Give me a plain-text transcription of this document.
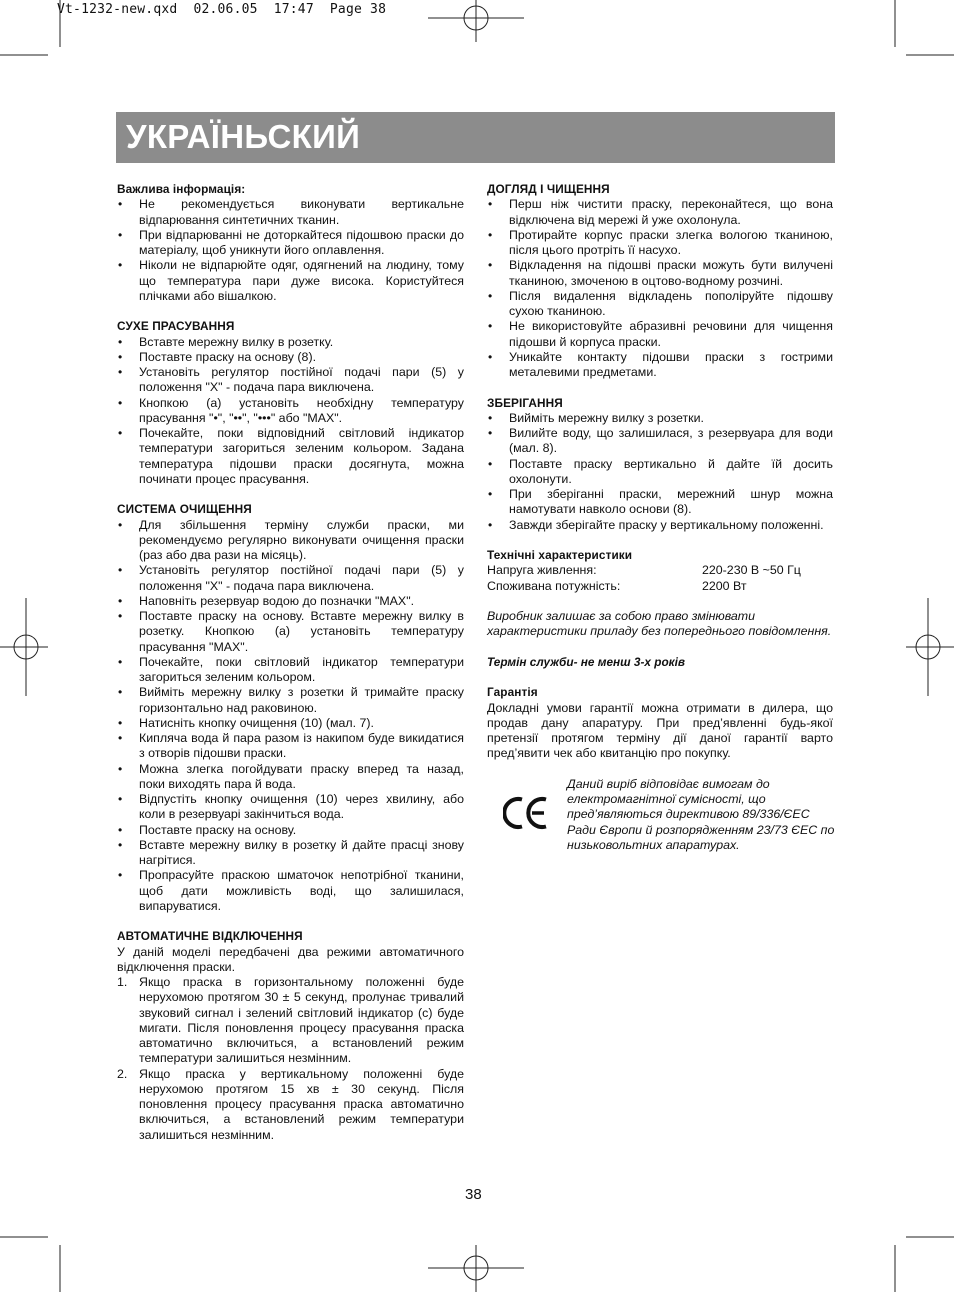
Vt-1232-new.qxd  02.06.05  17:47  Page 38
УКРАЇНЬСКИЙ
Важлива інформація:
• Не рекомендується виконувати вертикальне відпарювання синтетичних тканин.
• При відпарюванні не доторкайтеся підошвою праски до матеріалу, щоб уникнути його оплавлення.
• Ніколи не відпарюйте одяг, одягнений на людину, тому що температура пари дуже висока. Користуйтеся плічками або вішалкою.
СУХЕ ПРАСУВАННЯ
• Вставте мережну вилку в розетку.
• Поставте праску на основу (8).
• Установіть регулятор постійної подачі пари (5) у положення "X" - подача пара виключена.
• Кнопкою (а) установіть необхідну температуру прасування "•", "••", "•••" або "MAX".
• Почекайте, поки відповідний світловий індикатор температури загориться зеленим кольором. Задана температура підошви праски досягнута, можна починати процес прасування.
СИСТЕМА ОЧИЩЕННЯ
• Для збільшення терміну служби праски, ми рекомендуємо регулярно виконувати очищення праски (раз або два рази на місяць).
• Установіть регулятор постійної подачі пари (5) у положення "X" - подача пара виключена.
• Наповніть резервуар водою до позначки "MAX".
• Поставте праску на основу. Вставте мережну вилку в розетку. Кнопкою (а) установіть температуру прасування "MAX".
• Почекайте, поки світловий індикатор температури загориться зеленим кольором.
• Вийміть мережну вилку з розетки й тримайте праску горизонтально над раковиною.
• Натисніть кнопку очищення (10) (мал. 7).
• Кипляча вода й пара разом із накипом буде викидатися з отворів підошви праски.
• Можна злегка погойдувати праску вперед та назад, поки виходять пара й вода.
• Відпустіть кнопку очищення (10) через хвилину, або коли в резервуарі закінчиться вода.
• Поставте праску на основу.
• Вставте мережну вилку в розетку й дайте прасці знову нагрітися.
• Пропрасуйте праскою шматочок непотрібної тканини, щоб дати можливість воді, що залишилася, випаруватися.
АВТОМАТИЧНЕ ВІДКЛЮЧЕННЯ
У даній моделі передбачені два режими автоматичного відключення праски.
1. Якщо праска в горизонтальному положенні буде нерухомою протягом 30 ± 5 секунд, пролунає тривалий звуковий сигнал і зелений світловий індикатор (с) буде мигати. Після поновлення процесу прасування праска автоматично включиться, а встановлений режим температури залишиться незмінним.
2. Якщо праска у вертикальному положенні буде нерухомою протягом 15 хв ± 30 секунд. Після поновлення процесу прасування праска автоматично включиться, а встановлений режим температури залишиться незмінним.
ДОГЛЯД І ЧИЩЕННЯ
• Перш ніж чистити праску, переконайтеся, що вона відключена від мережі й уже охолонула.
• Протирайте корпус праски злегка вологою тканиною, після цього протріть її насухо.
• Відкладення на підошві праски можуть бути вилучені тканиною, змоченою в оцтово-водному розчині.
• Після видалення відкладень пополіруйте підошву сухою тканиною.
• Не використовуйте абразивні речовини для чищення підошви й корпуса праски.
• Уникайте контакту підошви праски з гострими металевими предметами.
ЗБЕРІГАННЯ
• Вийміть мережну вилку з розетки.
• Вилийте воду, що залишилася, з резервуара для води (мал. 8).
• Поставте праску вертикально й дайте їй досить охолонути.
• При зберіганні праски, мережний шнур можна намотувати навколо основи (8).
• Завжди зберігайте праску у вертикальному положенні.
Технічні характеристики
Напруга живлення:	220-230 В ~50 Гц
Споживана потужність:	2200 Вт
Виробник залишає за собою право змінювати характеристики приладу без попереднього повідомлення.
Термін служби- не менш 3-х років
Гарантія
Докладні умови гарантії можна отримати в дилера, що продав дану апаратуру. При пред’явленні будь-якої претензії протягом терміну дії даної гарантії варто пред’явити чек або квитанцію про покупку.
Даний виріб відповідає вимогам до електромагнітної сумісності, що пред’являються директивою 89/336/ЄЕС Ради Європи й розпорядженням 23/73 ЄЕС по низьковольтних апаратурах.
38
